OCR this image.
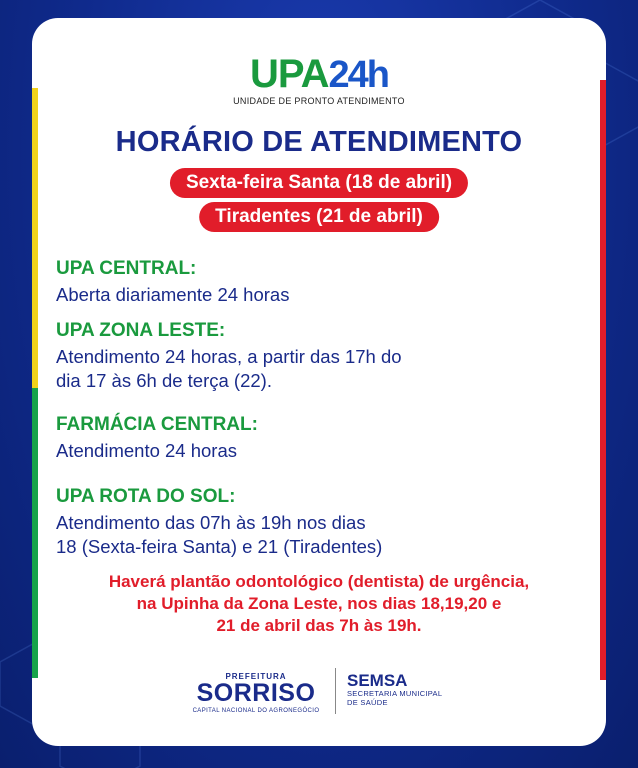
UPA 24h
UNIDADE DE PRONTO ATENDIMENTO
HORÁRIO DE ATENDIMENTO
Sexta-feira Santa (18 de abril)
Tiradentes (21 de abril)

UPA CENTRAL:

Aberta diariamente 24 horas

UPA ZONA LESTE:

Atendimento 24 horas, a partir das 17h do
dia 17 às 6h de terça (22).

FARMÁCIA CENTRAL:

Atendimento 24 horas

UPA ROTA DO SOL:

Atendimento das 07h às 19h nos dias
18 (Sexta-feira Santa) e 21 (Tiradentes)

Haverá plantão odontológico (dentista) de urgência,
na Upinha da Zona Leste, nos dias 18,19,20 e
21 de abril das 7h às 19h.
PREFEITURA
SORRISO
CAPITAL NACIONAL DO AGRONEGÓCIO
SEMSA
SECRETARIA MUNICIPAL
DE SAÚDE
